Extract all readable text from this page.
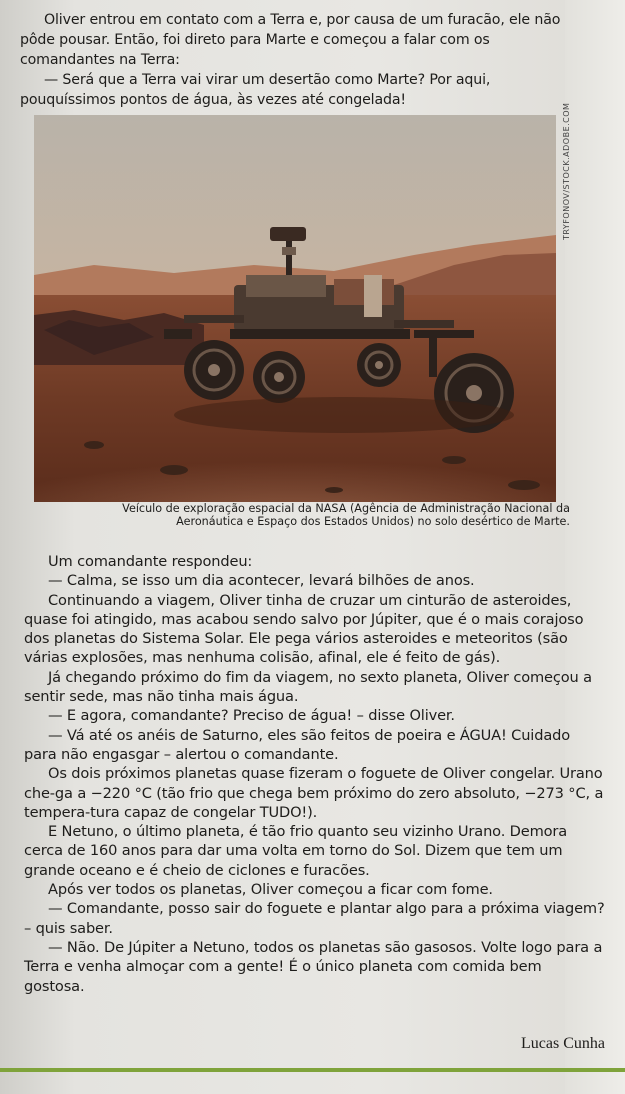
Oliver entrou em contato com a Terra e, por causa de um furacão, ele não pôde pousar. Então, foi direto para Marte e começou a falar com os comandantes na Terra:

— Será que a Terra vai virar um desertão como Marte? Por aqui, pouquíssimos pontos de água, às vezes até congelada!

TRYFONOV/STOCK.ADOBE.COM
Veículo de exploração espacial da NASA (Agência de Administração Nacional da
Aeronáutica e Espaço dos Estados Unidos) no solo desértico de Marte.

Um comandante respondeu:

— Calma, se isso um dia acontecer, levará bilhões de anos.

Continuando a viagem, Oliver tinha de cruzar um cinturão de asteroides, quase foi atingido, mas acabou sendo salvo por Júpiter, que é o mais corajoso dos planetas do Sistema Solar. Ele pega vários asteroides e meteoritos (são várias explosões, mas nenhuma colisão, afinal, ele é feito de gás).

Já chegando próximo do fim da viagem, no sexto planeta, Oliver começou a sentir sede, mas não tinha mais água.

— E agora, comandante? Preciso de água! – disse Oliver.

— Vá até os anéis de Saturno, eles são feitos de poeira e ÁGUA! Cuidado para não engasgar – alertou o comandante.

Os dois próximos planetas quase fizeram o foguete de Oliver congelar. Urano che-ga a −220 °C (tão frio que chega bem próximo do zero absoluto, −273 °C, a tempera-tura capaz de congelar TUDO!).

E Netuno, o último planeta, é tão frio quanto seu vizinho Urano. Demora cerca de 160 anos para dar uma volta em torno do Sol. Dizem que tem um grande oceano e é cheio de ciclones e furacões.

Após ver todos os planetas, Oliver começou a ficar com fome.

— Comandante, posso sair do foguete e plantar algo para a próxima viagem? – quis saber.

— Não. De Júpiter a Netuno, todos os planetas são gasosos. Volte logo para a Terra e venha almoçar com a gente! É o único planeta com comida bem gostosa.

Lucas Cunha
